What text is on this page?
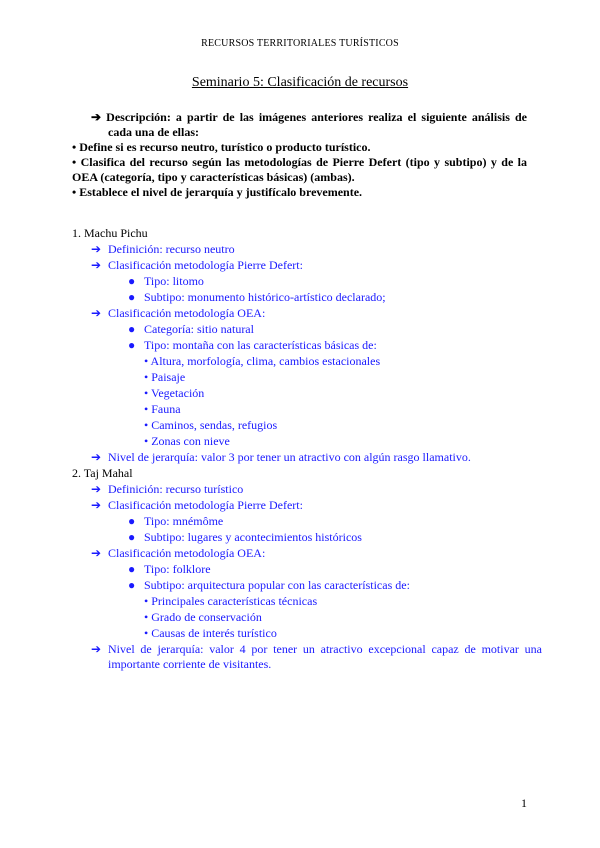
RECURSOS TERRITORIALES TURÍSTICOS
Seminario 5: Clasificación de recursos
➔ Descripción: a partir de las imágenes anteriores realiza el siguiente análisis de cada una de ellas:
• Define si es recurso neutro, turístico o producto turístico.
• Clasifica del recurso según las metodologías de Pierre Defert (tipo y subtipo) y de la OEA (categoría, tipo y características básicas) (ambas).
• Establece el nivel de jerarquía y justifícalo brevemente.
1. Machu Pichu
➔ Definición: recurso neutro
➔ Clasificación metodología Pierre Defert:
● Tipo: litomo
● Subtipo: monumento histórico-artístico declarado;
➔ Clasificación metodología OEA:
● Categoría: sitio natural
● Tipo: montaña con las características básicas de:
• Altura, morfología, clima, cambios estacionales
• Paisaje
• Vegetación
• Fauna
• Caminos, sendas, refugios
• Zonas con nieve
➔ Nivel de jerarquía: valor 3 por tener un atractivo con algún rasgo llamativo.
2. Taj Mahal
➔ Definición: recurso turístico
➔ Clasificación metodología Pierre Defert:
● Tipo: mnémôme
● Subtipo: lugares y acontecimientos históricos
➔ Clasificación metodología OEA:
● Tipo: folklore
● Subtipo: arquitectura popular con las características de:
• Principales características técnicas
• Grado de conservación
• Causas de interés turístico
➔ Nivel de jerarquía: valor 4 por tener un atractivo excepcional capaz de motivar una importante corriente de visitantes.
1
